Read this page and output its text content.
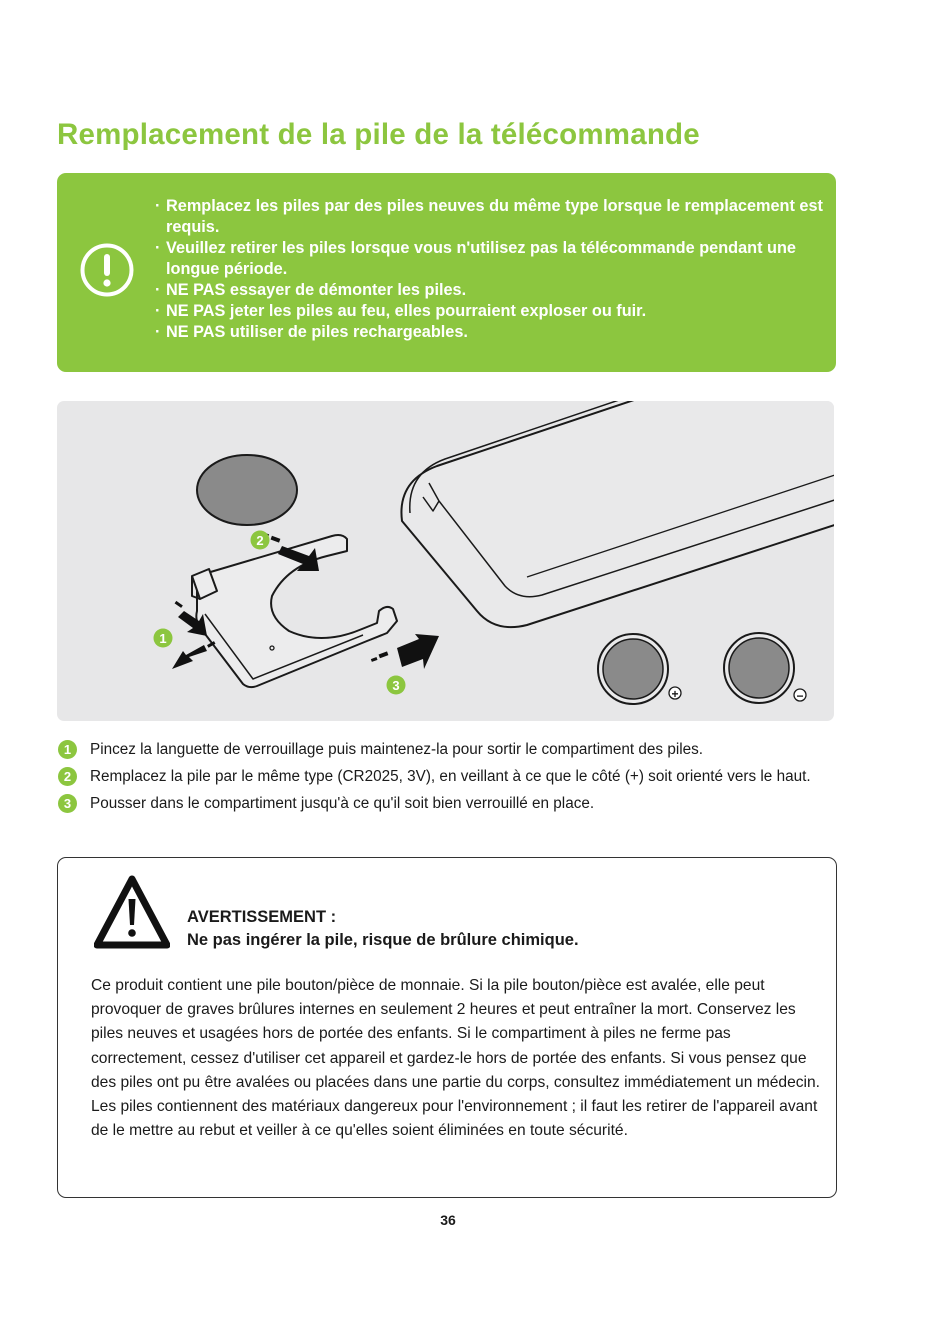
Remplacement de la pile de la télécommande
· Remplacez les piles par des piles neuves du même type lorsque le remplacement est requis.
· Veuillez retirer les piles lorsque vous n'utilisez pas la télécommande pendant une longue période.
· NE PAS essayer de démonter les piles.
· NE PAS jeter les piles au feu, elles pourraient exploser ou fuir.
· NE PAS utiliser de piles rechargeables.
1
2
3
+	−
1	Pincez la languette de verrouillage puis maintenez-la pour sortir le compartiment des piles.
2	Remplacez la pile par le même type (CR2025, 3V), en veillant à ce que le côté (+) soit orienté vers le haut.
3	Pousser dans le compartiment jusqu'à ce qu'il soit bien verrouillé en place.
AVERTISSEMENT :
Ne pas ingérer la pile, risque de brûlure chimique.

Ce produit contient une pile bouton/pièce de monnaie. Si la pile bouton/pièce est avalée, elle peut provoquer de graves brûlures internes en seulement 2 heures et peut entraîner la mort. Conservez les piles neuves et usagées hors de portée des enfants. Si le compartiment à piles ne ferme pas correctement, cessez d'utiliser cet appareil et gardez-le hors de portée des enfants. Si vous pensez que des piles ont pu être avalées ou placées dans une partie du corps, consultez immédiatement un médecin. Les piles contiennent des matériaux dangereux pour l'environnement ; il faut les retirer de l'appareil avant de le mettre au rebut et veiller à ce qu'elles soient éliminées en toute sécurité.

36
